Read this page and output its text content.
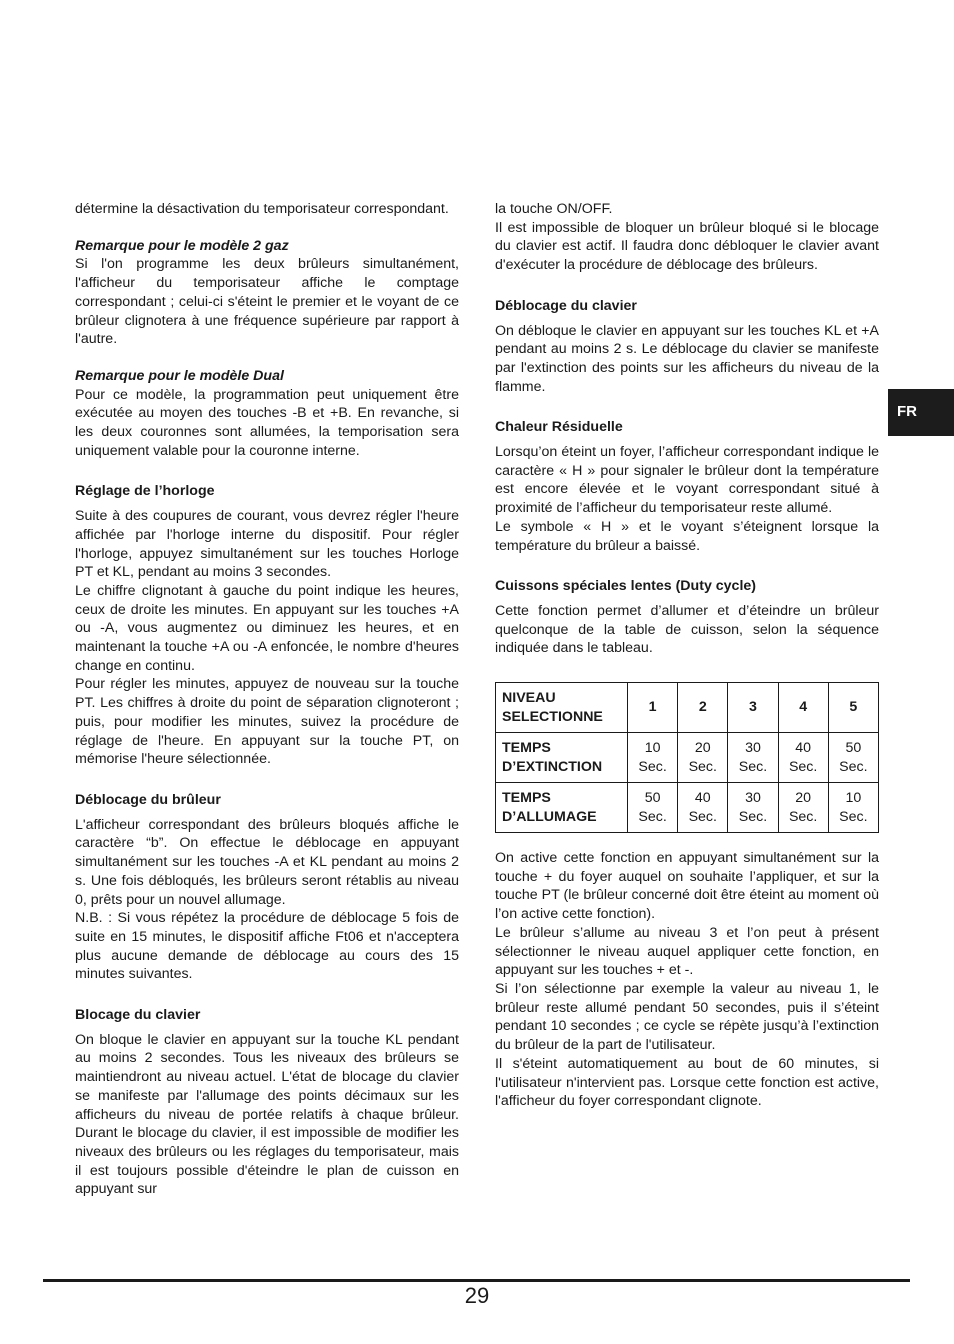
détermine la désactivation du temporisateur correspondant.

Remarque pour le modèle 2 gaz

Si l'on programme les deux brûleurs simultanément, l'afficheur du temporisateur affiche le comptage correspondant ; celui-ci s'éteint le premier et le voyant de ce brûleur clignotera à une fréquence supérieure par rapport à l'autre.

Remarque pour le modèle Dual

Pour ce modèle, la programmation peut uniquement être exécutée au moyen des touches -B et +B. En revanche, si les deux couronnes sont allumées, la temporisation sera uniquement valable pour la couronne interne.

Réglage de l’horloge

Suite à des coupures de courant, vous devrez régler l'heure affichée par l'horloge interne du dispositif. Pour régler l'horloge, appuyez simultanément sur les touches Horloge PT et KL, pendant au moins 3 secondes.

Le chiffre clignotant à gauche du point indique les heures, ceux de droite les minutes. En appuyant sur les touches +A ou -A, vous augmentez ou diminuez les heures, et en maintenant la touche +A ou -A enfoncée, le nombre d'heures change en continu.

Pour régler les minutes, appuyez de nouveau sur la touche PT. Les chiffres à droite du point de séparation clignoteront ; puis, pour modifier les minutes, suivez la procédure de réglage de l'heure. En appuyant sur la touche PT, on mémorise l'heure sélectionnée.

Déblocage du brûleur

L'afficheur correspondant des brûleurs bloqués affiche le caractère “b”. On effectue le déblocage en appuyant simultanément sur les touches -A et KL pendant au moins 2 s. Une fois débloqués, les brûleurs seront rétablis au niveau 0, prêts pour un nouvel allumage.

N.B. : Si vous répétez la procédure de déblocage 5 fois de suite en 15 minutes, le dispositif affiche Ft06 et n'acceptera plus aucune demande de déblocage au cours des 15 minutes suivantes.

Blocage du clavier

On bloque le clavier en appuyant sur la touche KL pendant au moins 2 secondes. Tous les niveaux des brûleurs se maintiendront au niveau actuel. L'état de blocage du clavier se manifeste par l'allumage des points décimaux sur les afficheurs du niveau de portée relatifs à chaque brûleur. Durant le blocage du clavier, il est impossible de modifier les niveaux des brûleurs ou les réglages du temporisateur, mais il est toujours possible d'éteindre le plan de cuisson en appuyant sur

la touche ON/OFF.

Il est impossible de bloquer un brûleur bloqué si le blocage du clavier est actif. Il faudra donc débloquer le clavier avant d'exécuter la procédure de déblocage des brûleurs.

Déblocage du clavier

On débloque le clavier en appuyant sur les touches KL et +A pendant au moins 2 s. Le déblocage du clavier se manifeste par l'extinction des points sur les afficheurs du niveau de la flamme.

Chaleur Résiduelle

Lorsqu’on éteint un foyer, l’afficheur correspondant indique le caractère « H » pour signaler le brûleur dont la température est encore élevée et le voyant correspondant situé à proximité de l’afficheur du temporisateur reste allumé.

Le symbole « H » et le voyant s’éteignent lorsque la température du brûleur a baissé.

Cuissons spéciales lentes (Duty cycle)

Cette fonction permet d’allumer et d’éteindre un brûleur quelconque de la table de cuisson, selon la séquence indiquée dans le tableau.

NIVEAU SELECTIONNE	1	2	3	4	5
TEMPS D’EXTINCTION	10 Sec.	20 Sec.	30 Sec.	40 Sec.	50 Sec.
TEMPS D’ALLUMAGE	50 Sec.	40 Sec.	30 Sec.	20 Sec.	10 Sec.

On active cette fonction en appuyant simultanément sur la touche + du foyer auquel on souhaite l’appliquer, et sur la touche PT (le brûleur concerné doit être éteint au moment où l’on active cette fonction).

Le brûleur s’allume au niveau 3 et l’on peut à présent sélectionner le niveau auquel appliquer cette fonction, en appuyant sur les touches + et -.

Si l’on sélectionne par exemple la valeur au niveau 1, le brûleur reste allumé pendant 50 secondes, puis il s’éteint pendant 10 secondes ; ce cycle se répète jusqu’à l’extinction du brûleur de la part de l'utilisateur.

Il s'éteint automatiquement au bout de 60 minutes, si l'utilisateur n'intervient pas. Lorsque cette fonction est active, l'afficheur du foyer correspondant clignote.

FR
29
